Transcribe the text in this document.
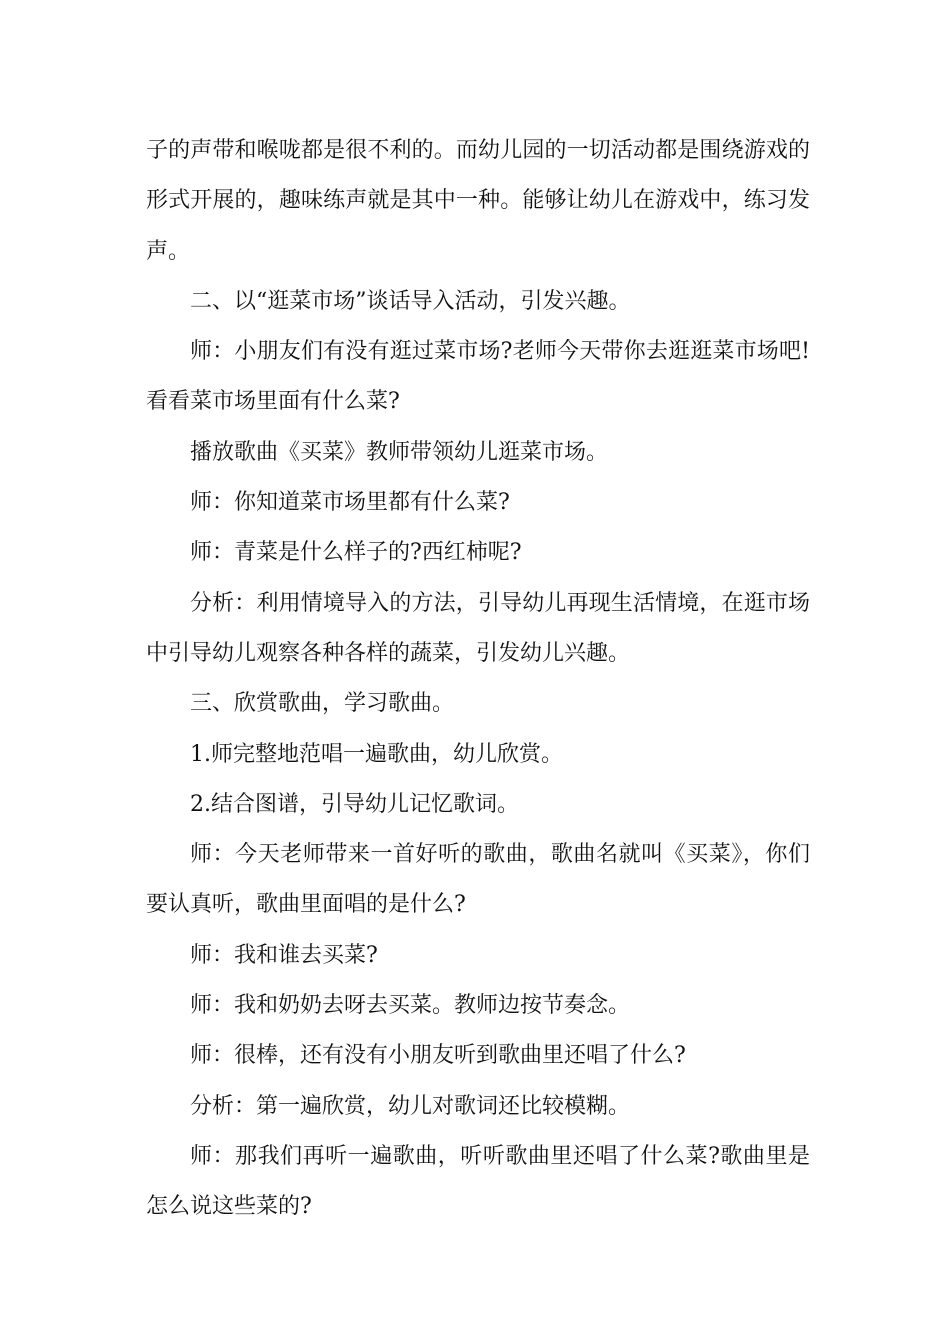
子的声带和喉咙都是很不利的。而幼儿园的一切活动都是围绕游戏的形式开展的，趣味练声就是其中一种。能够让幼儿在游戏中，练习发声。

二、以“逛菜市场”谈话导入活动，引发兴趣。

师：小朋友们有没有逛过菜市场?老师今天带你去逛逛菜市场吧!看看菜市场里面有什么菜?

播放歌曲《买菜》教师带领幼儿逛菜市场。

师：你知道菜市场里都有什么菜?

师：青菜是什么样子的?西红柿呢?

分析：利用情境导入的方法，引导幼儿再现生活情境，在逛市场中引导幼儿观察各种各样的蔬菜，引发幼儿兴趣。

三、欣赏歌曲，学习歌曲。

1.师完整地范唱一遍歌曲，幼儿欣赏。

2.结合图谱，引导幼儿记忆歌词。

师：今天老师带来一首好听的歌曲，歌曲名就叫《买菜》，你们要认真听，歌曲里面唱的是什么?

师：我和谁去买菜?

师：我和奶奶去呀去买菜。教师边按节奏念。

师：很棒，还有没有小朋友听到歌曲里还唱了什么?

分析：第一遍欣赏，幼儿对歌词还比较模糊。

师：那我们再听一遍歌曲，听听歌曲里还唱了什么菜?歌曲里是怎么说这些菜的?
